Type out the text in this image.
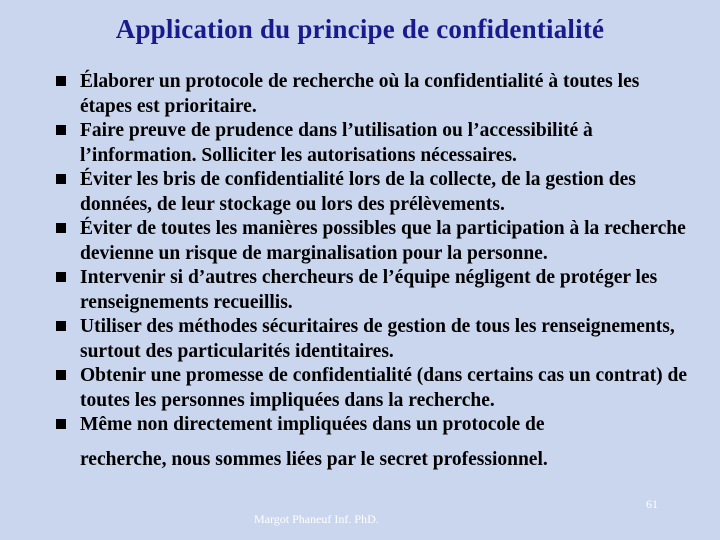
Application du principe de confidentialité
Élaborer un protocole de recherche où la confidentialité à toutes les étapes est prioritaire.
Faire preuve de prudence dans l’utilisation ou l’accessibilité à l’information. Solliciter les autorisations nécessaires.
Éviter les bris de confidentialité lors de la collecte, de la gestion des données, de leur stockage ou lors des prélèvements.
Éviter de toutes les manières possibles que la participation à la recherche devienne un risque de marginalisation pour la personne.
Intervenir si d’autres chercheurs de l’équipe négligent de protéger les renseignements recueillis.
Utiliser des méthodes sécuritaires de gestion de tous les renseignements, surtout des particularités identitaires.
Obtenir une promesse de confidentialité (dans certains cas un contrat) de toutes les personnes impliquées dans la recherche.
Même non directement impliquées dans un protocole de
recherche, nous sommes liées par le secret professionnel.
61
Margot Phaneuf Inf. PhD.
